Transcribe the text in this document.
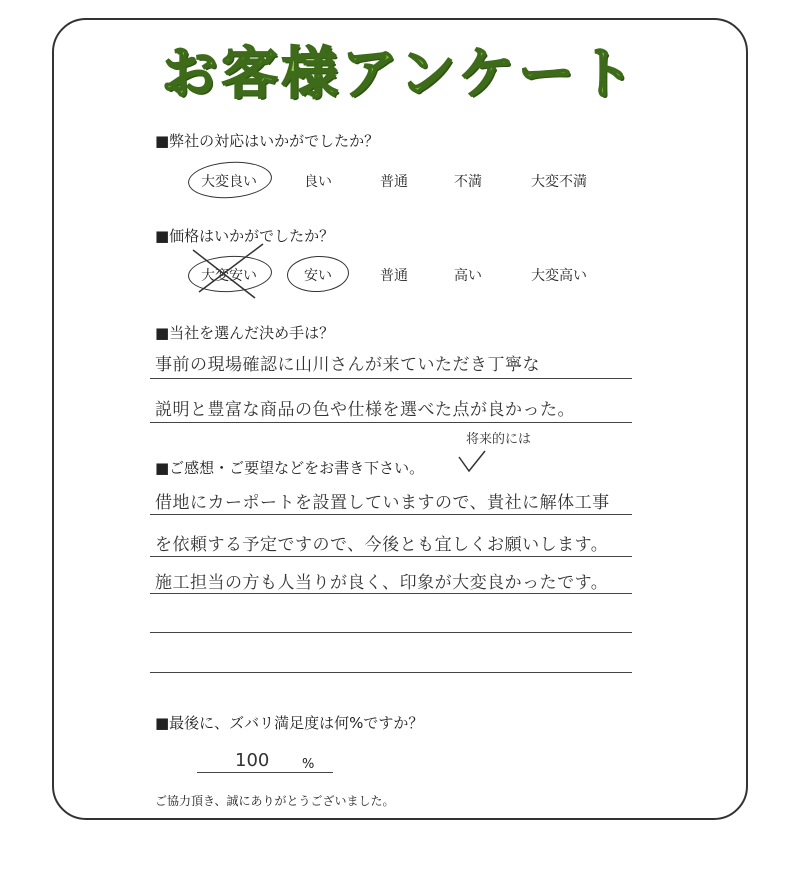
お客様アンケート
■弊社の対応はいかがでしたか？
大変良い	良い	普通	不満	大変不満
■価格はいかがでしたか？
大変安い	安い	普通	高い	大変高い
■当社を選んだ決め手は？
事前の現場確認に山川さんが来ていただき丁寧な
説明と豊富な商品の色や仕様を選べた点が良かった。
■ご感想・ご要望などをお書き下さい。
将来的には
借地にカーポートを設置していますので、貴社に解体工事
を依頼する予定ですので、今後とも宜しくお願いします。
施工担当の方も人当りが良く、印象が大変良かったです。
■最後に、ズバリ満足度は何%ですか？
100	%
ご協力頂き、誠にありがとうございました。
